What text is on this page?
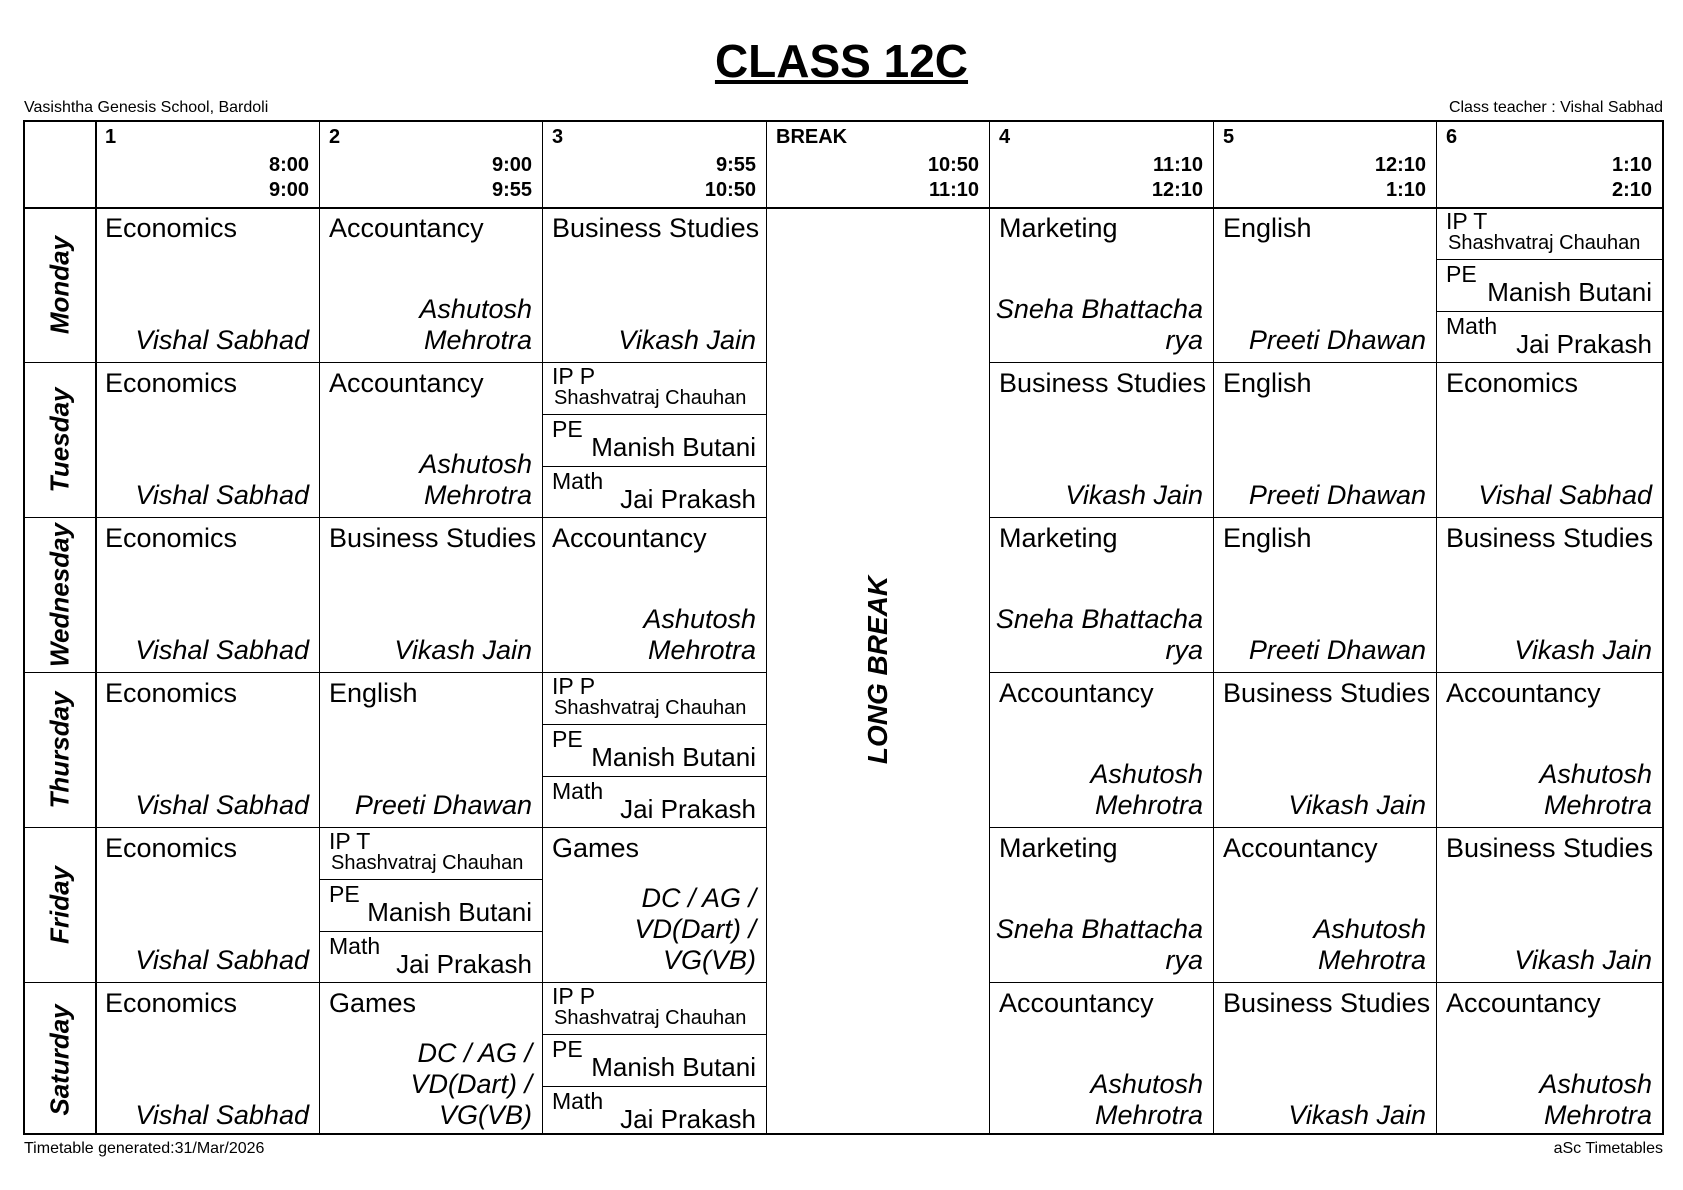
CLASS 12C
Vasishtha Genesis School, Bardoli	Class teacher : Vishal Sabhad
1
8:00
9:00
2
9:00
9:55
3
9:55
10:50
BREAK
10:50
11:10
4
11:10
12:10
5
12:10
1:10
6
1:10
2:10
LONG BREAK
Monday
Economics
Vishal Sabhad
Accountancy
Ashutosh
Mehrotra
Business Studies
Vikash Jain
Marketing
Sneha Bhattacha
rya
English
Preeti Dhawan
IP T
Shashvatraj Chauhan
PE
Manish Butani
Math
Jai Prakash
Tuesday
Economics
Vishal Sabhad
Accountancy
Ashutosh
Mehrotra
IP P
Shashvatraj Chauhan
PE
Manish Butani
Math
Jai Prakash
Business Studies
Vikash Jain
English
Preeti Dhawan
Economics
Vishal Sabhad
Wednesday Economics
Vishal Sabhad
Business Studies
Vikash Jain
Accountancy
Ashutosh
Mehrotra
Marketing
Sneha Bhattacha
rya
English
Preeti Dhawan
Business Studies
Vikash Jain
Thursday Economics
Vishal Sabhad
English
Preeti Dhawan
IP P
Shashvatraj Chauhan
PE
Manish Butani
Math
Jai Prakash
Accountancy
Ashutosh
Mehrotra
Business Studies
Vikash Jain
Accountancy
Ashutosh
Mehrotra
Friday
Economics
Vishal Sabhad
IP T
Shashvatraj Chauhan
PE
Manish Butani
Math
Jai Prakash
Games
DC / AG /
VD(Dart) /
VG(VB)
Marketing
Sneha Bhattacha
rya
Accountancy
Ashutosh
Mehrotra
Business Studies
Vikash Jain
Saturday
Economics
Vishal Sabhad
Games
DC / AG /
VD(Dart) /
VG(VB)
IP P
Shashvatraj Chauhan
PE
Manish Butani
Math
Jai Prakash
Accountancy
Ashutosh
Mehrotra
Business Studies
Vikash Jain
Accountancy
Ashutosh
Mehrotra
Timetable generated:31/Mar/2026	aSc Timetables
